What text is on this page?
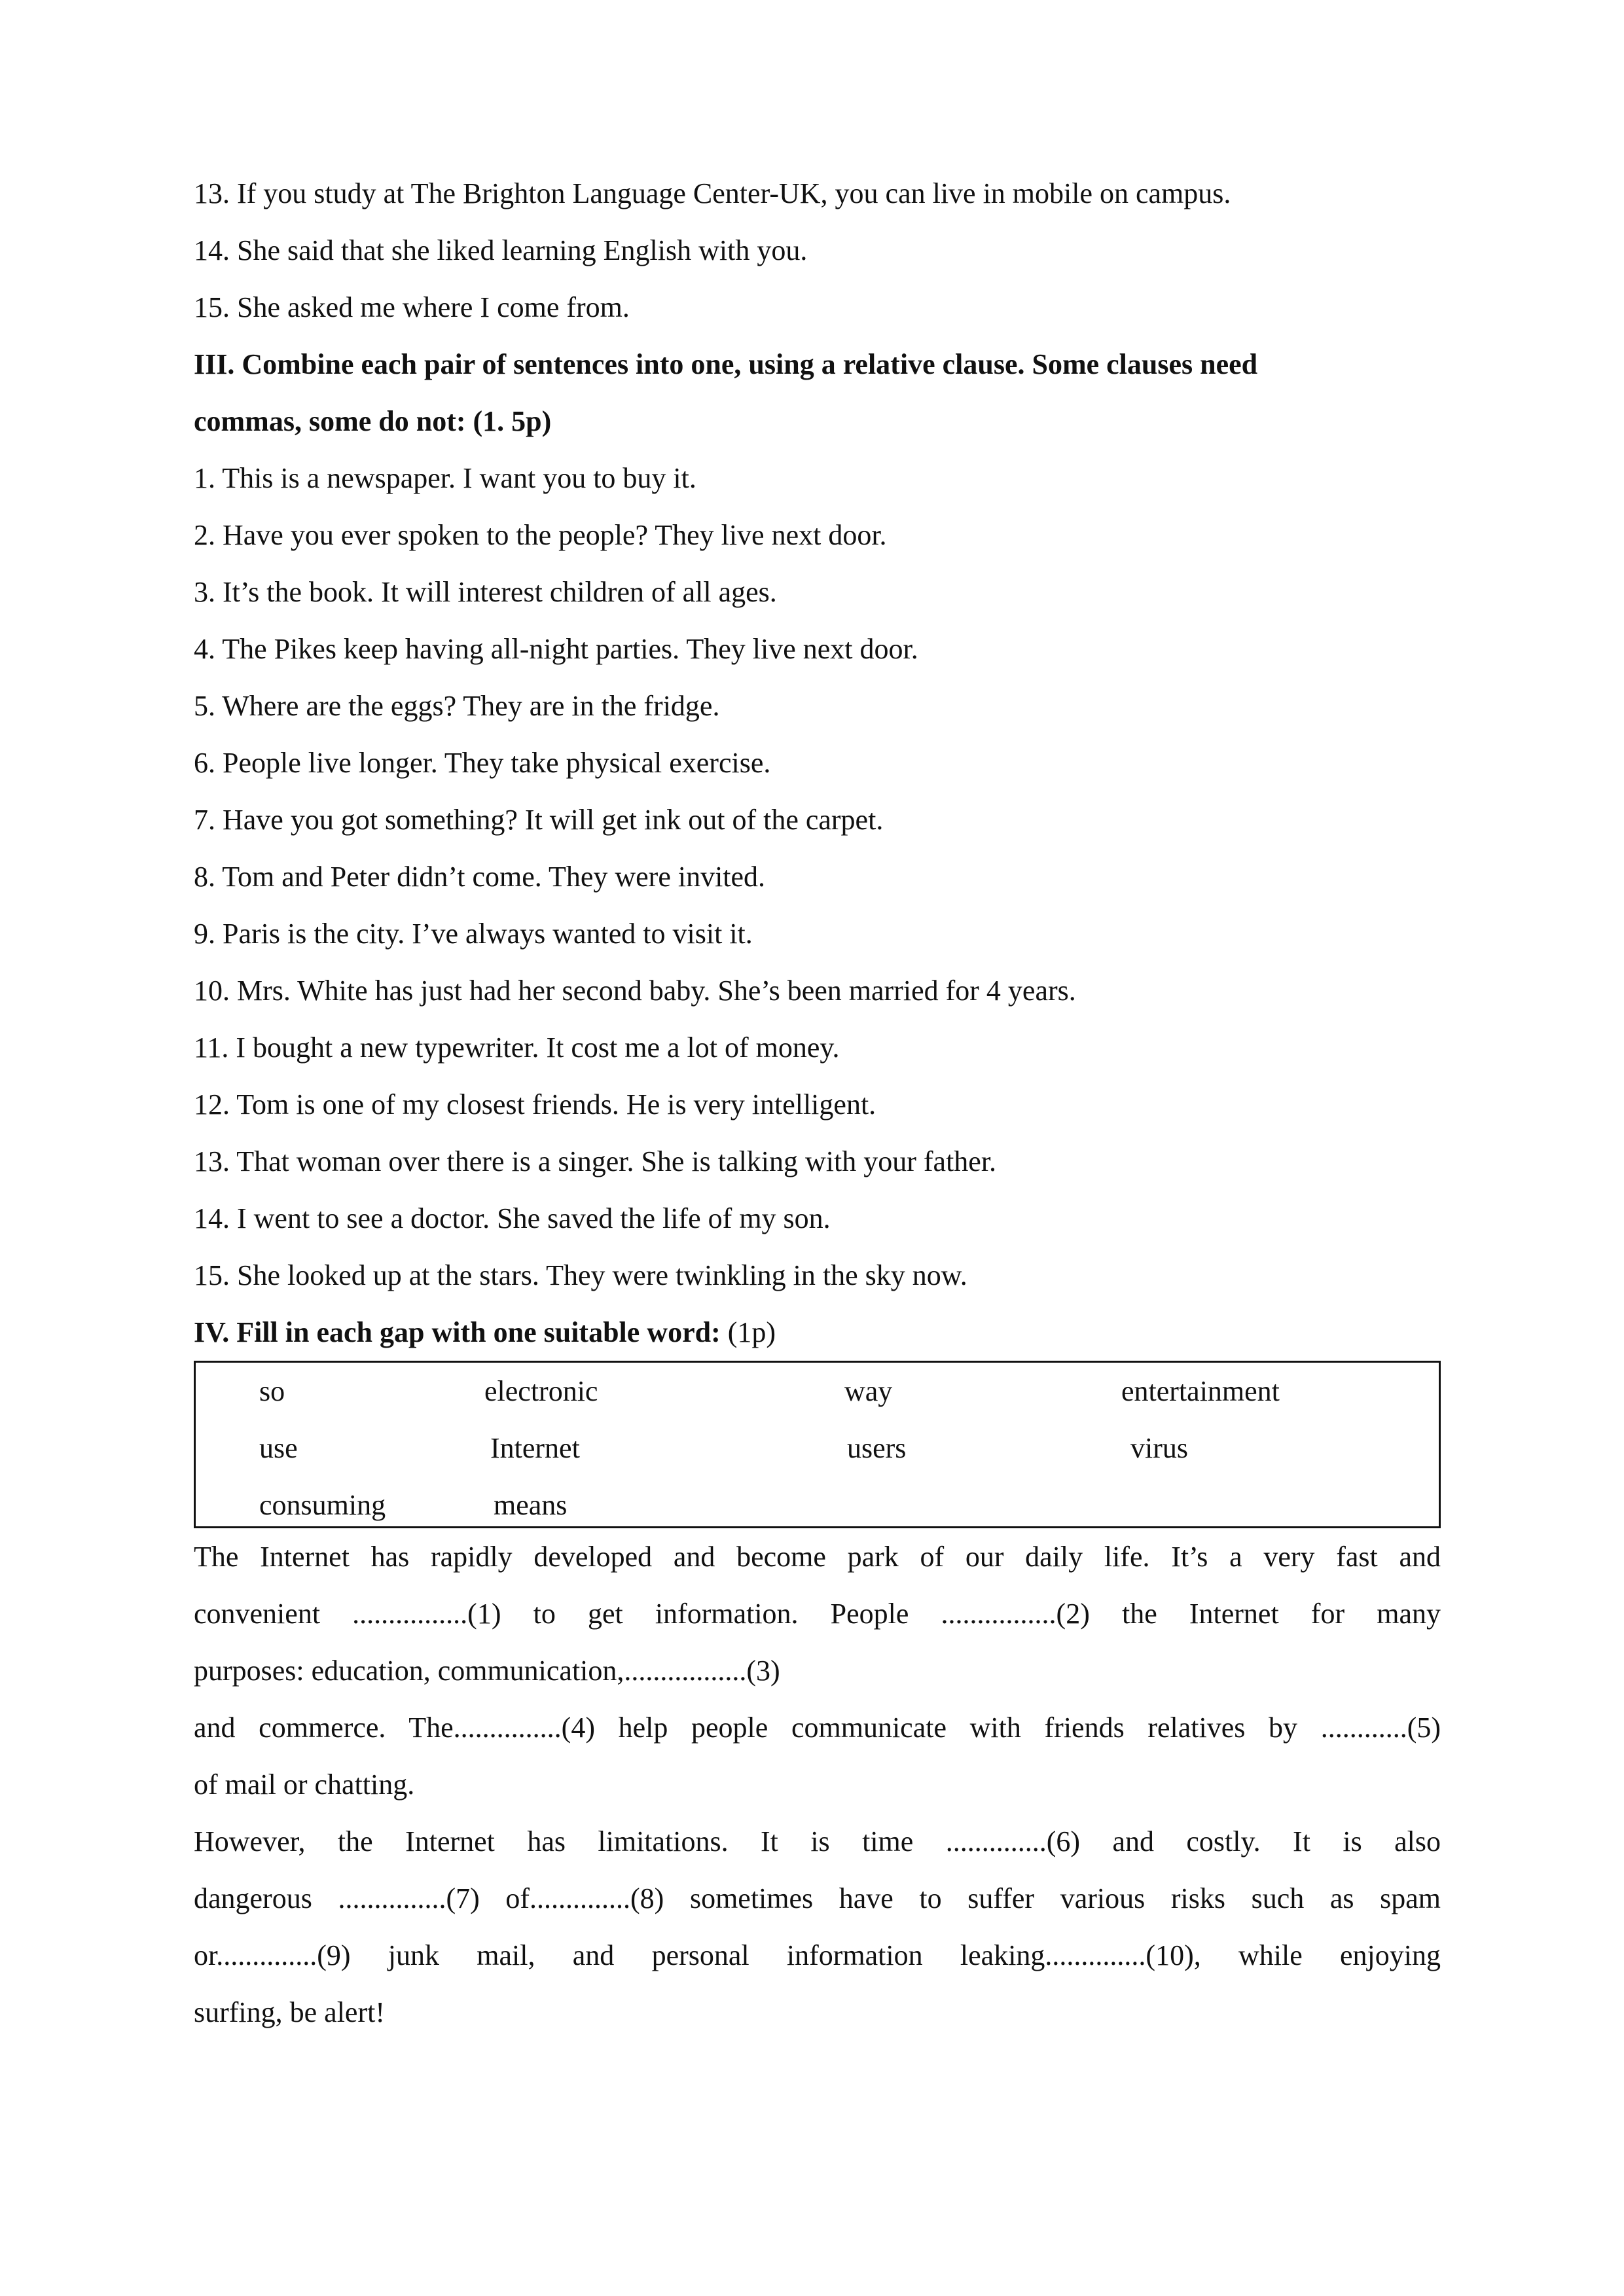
13. If you study at The Brighton Language Center-UK, you can live in mobile on campus.
14. She said that she liked learning English with you.
15. She asked me where I come from.
III. Combine each pair of sentences into one, using a relative clause. Some clauses need
commas, some do not: (1. 5p)
1. This is a newspaper. I want you to buy it.
2. Have you ever spoken to the people? They live next door.
3. It’s the book. It will interest children of all ages.
4. The Pikes keep having all-night parties. They live next door.
5. Where are the eggs? They are in the fridge.
6. People live longer. They take physical exercise.
7. Have you got something? It will get ink out of the carpet.
8. Tom and Peter didn’t come. They were invited.
9. Paris is the city. I’ve always wanted to visit it.
10. Mrs. White has just had her second baby. She’s been married for 4 years.
11. I bought a new typewriter. It cost me a lot of money.
12. Tom is one of my closest friends. He is very intelligent.
13. That woman over there is a singer. She is talking with your father.
14. I went to see a doctor. She saved the life of my son.
15. She looked up at the stars. They were twinkling in the sky now.
IV. Fill in each gap with one suitable word: (1p)
so	electronic	way	entertainment
use	Internet	users	virus
consuming	means
The Internet has rapidly developed and become park of our daily life. It’s a very fast and
convenient ................(1) to get information. People ................(2) the Internet for many
purposes: education, communication,.................(3)
and commerce. The...............(4) help people communicate with friends relatives by ............(5)
of mail or chatting.
However, the Internet has limitations. It is time ..............(6) and costly. It is also
dangerous ...............(7) of..............(8) sometimes have to suffer various risks such as spam
or..............(9) junk mail, and personal information leaking..............(10), while enjoying
surfing, be alert!
